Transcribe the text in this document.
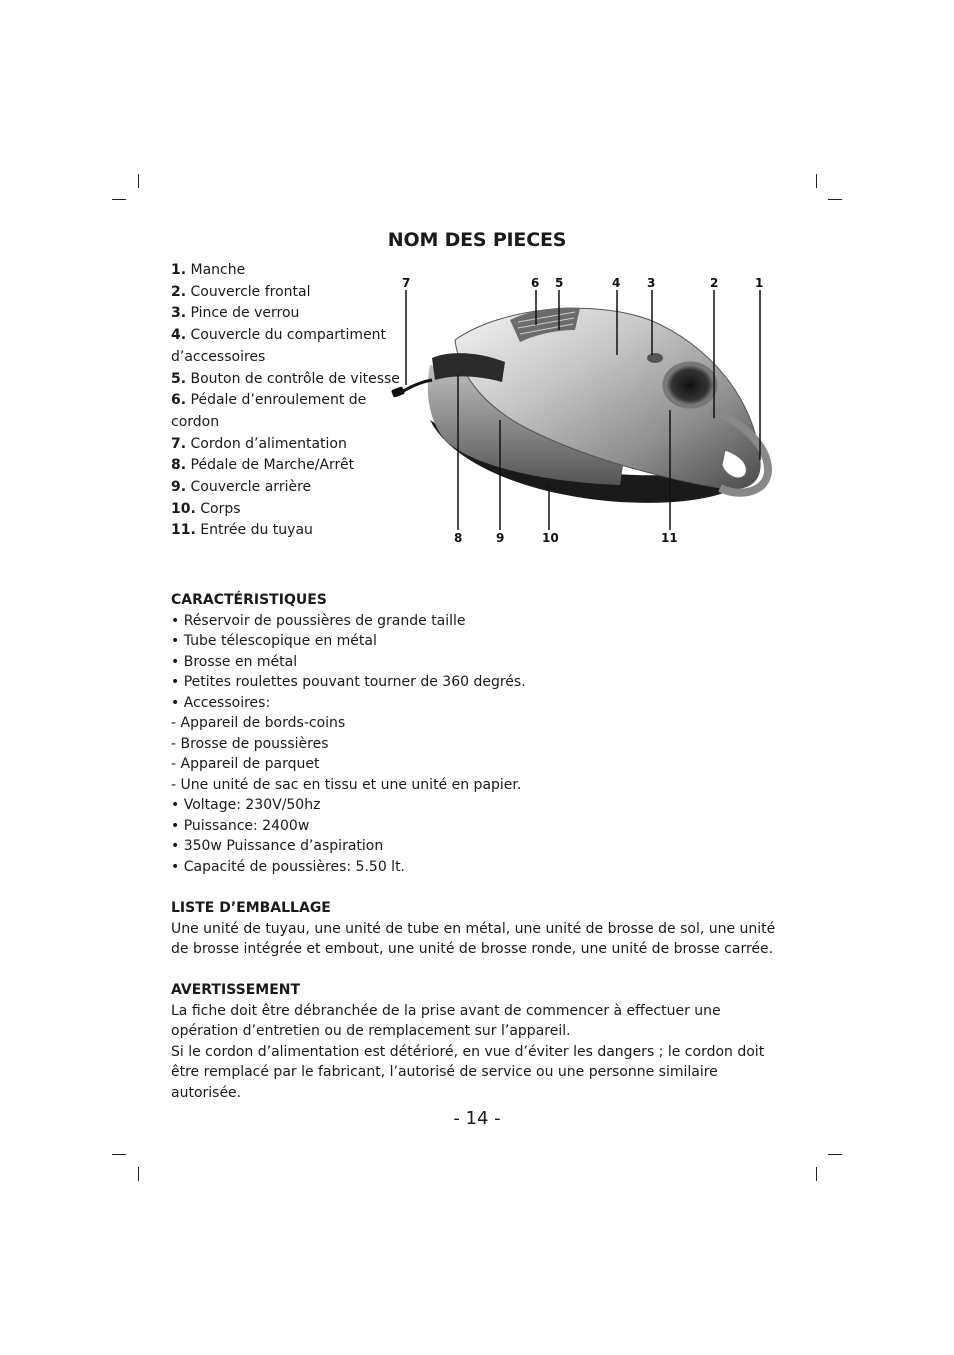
NOM DES PIECES
1. Manche
2. Couvercle frontal
3. Pince de verrou
4. Couvercle du compartiment d’accessoires
5. Bouton de contrôle de vitesse
6. Pédale d’enroulement de cordon
7. Cordon d’alimentation
8. Pédale de Marche/Arrêt
9. Couvercle arrière
10. Corps
11. Entrée du tuyau
7	6 5	4 3	2	1
8	9	10	11
CARACTÉRISTIQUES
• Réservoir de poussières de grande taille
• Tube télescopique en métal
• Brosse en métal
• Petites roulettes pouvant tourner de 360 degrés.
• Accessoires:
- Appareil de bords-coins
- Brosse de poussières
- Appareil de parquet
- Une unité de sac en tissu et une unité en papier.
• Voltage: 230V/50hz
• Puissance: 2400w
• 350w Puissance d’aspiration
• Capacité de poussières: 5.50 lt.
LISTE D’EMBALLAGE

Une unité de tuyau, une unité de tube en métal, une unité de brosse de sol, une unité de brosse intégrée et embout, une unité de brosse ronde, une unité de brosse carrée.

AVERTISSEMENT

La fiche doit être débranchée de la prise avant de commencer à effectuer une opération d’entretien ou de remplacement sur l’appareil.

Si le cordon d’alimentation est détérioré, en vue d’éviter les dangers ; le cordon doit être remplacé par le fabricant, l’autorisé de service ou une personne similaire autorisée.

- 14 -
